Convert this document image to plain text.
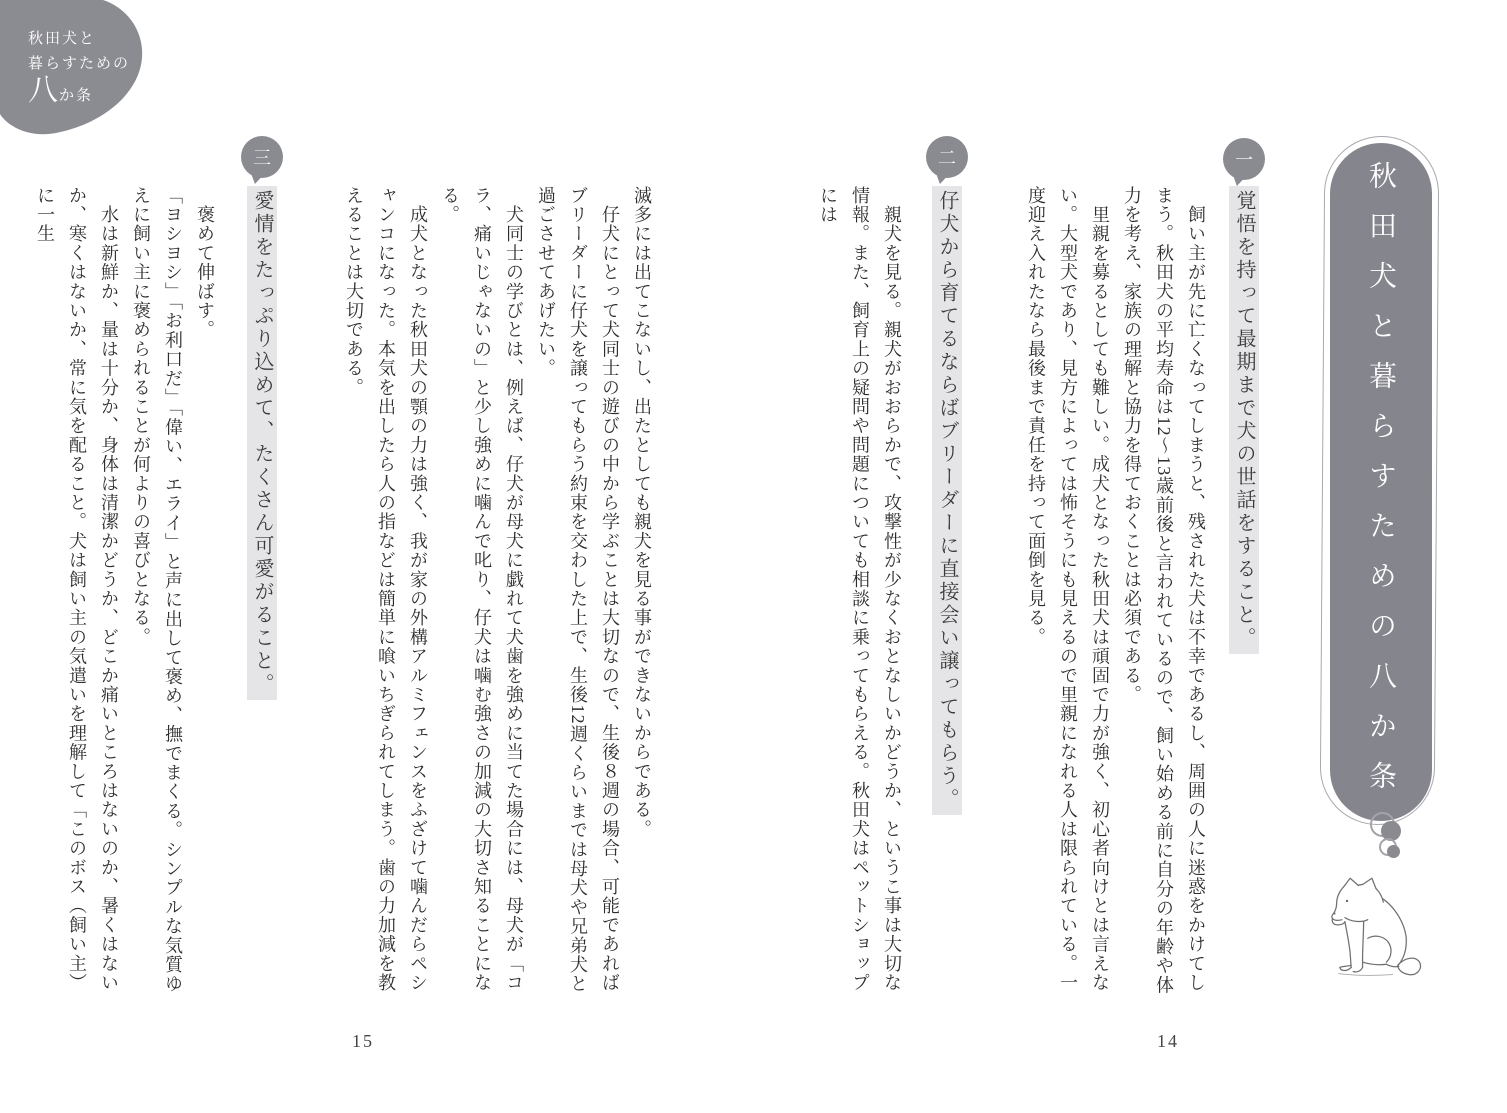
秋田犬と
暮らすための
八か条
秋田犬と暮らすための八か条
一
覚悟を持って最期まで犬の世話をすること。

　飼い主が先に亡くなってしまうと、残された犬は不幸であるし、周囲の人に迷惑をかけてしまう。秋田犬の平均寿命は12〜13歳前後と言われているので、飼い始める前に自分の年齢や体力を考え、家族の理解と協力を得ておくことは必須である。

　里親を募るとしても難しい。成犬となった秋田犬は頑固で力が強く、初心者向けとは言えない。大型犬であり、見方によっては怖そうにも見えるので里親になれる人は限られている。一度迎え入れたなら最後まで責任を持って面倒を見る。

二
仔犬から育てるならばブリーダーに直接会い譲ってもらう。

　親犬を見る。親犬がおおらかで、攻撃性が少なくおとなしいかどうか、というこ事は大切な情報。また、飼育上の疑問や問題についても相談に乗ってもらえる。秋田犬はペットショップには

14

滅多には出てこないし、出たとしても親犬を見る事ができないからである。

　仔犬にとって犬同士の遊びの中から学ぶことは大切なので、生後８週の場合、可能であればブリーダーに仔犬を譲ってもらう約束を交わした上で、生後12週くらいまでは母犬や兄弟犬と過ごさせてあげたい。

　犬同士の学びとは、例えば、仔犬が母犬に戯れて犬歯を強めに当てた場合には、母犬が「コラ、痛いじゃないの」と少し強めに噛んで叱り、仔犬は噛む強さの加減の大切さ知ることになる。

　成犬となった秋田犬の顎の力は強く、我が家の外構アルミフェンスをふざけて噛んだらペシャンコになった。本気を出したら人の指などは簡単に喰いちぎられてしまう。歯の力加減を教えることは大切である。

三
愛情をたっぷり込めて、たくさん可愛がること。

　褒めて伸ばす。

「ヨシヨシ」「お利口だ」「偉い、エライ」と声に出して褒め、撫でまくる。シンプルな気質ゆえに飼い主に褒められることが何よりの喜びとなる。

　水は新鮮か、量は十分か、身体は清潔かどうか、どこか痛いところはないのか、暑くはないか、寒くはないか、常に気を配ること。犬は飼い主の気遣いを理解して「このボス（飼い主）に一生

15
